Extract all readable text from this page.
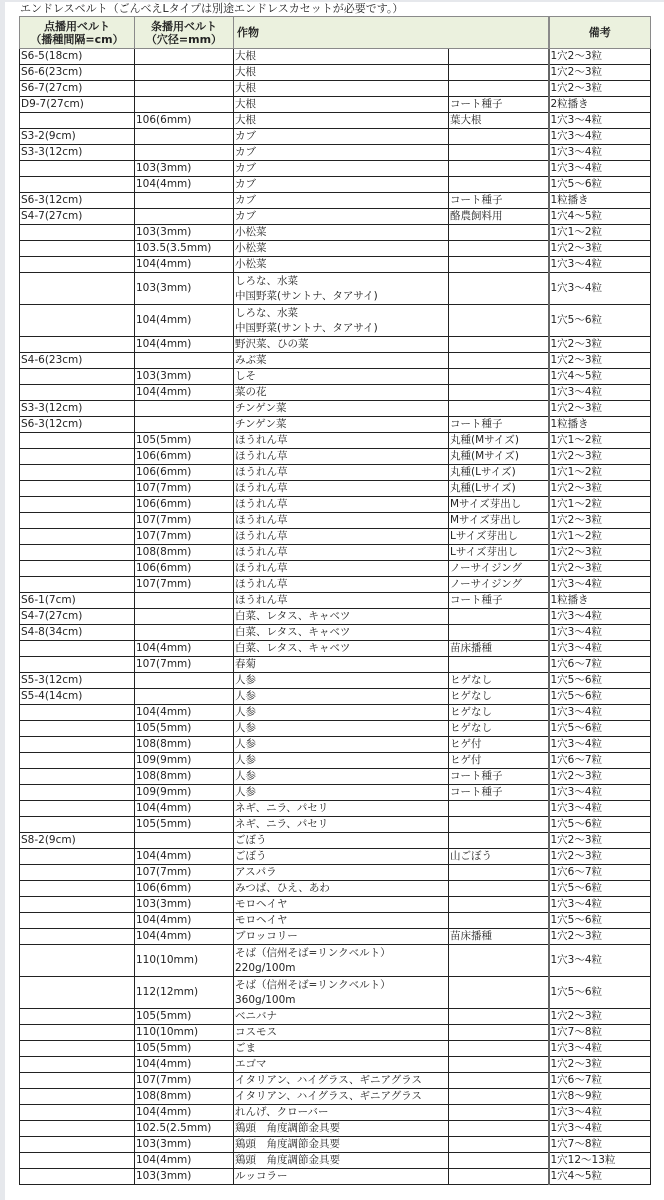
エンドレスベルト（ごんべえLタイプは別途エンドレスカセットが必要です。）
点播用ベルト
（播種間隔=cm）	条播用ベルト
（穴径=mm）	作物		備考
S6-5(18cm)		大根		1穴2～3粒
S6-6(23cm)		大根		1穴2～3粒
S6-7(27cm)		大根		1穴2～3粒
D9-7(27cm)		大根	コート種子	2粒播き
	106(6mm)	大根	葉大根	1穴3～4粒
S3-2(9cm)		カブ		1穴3～4粒
S3-3(12cm)		カブ		1穴3～4粒
	103(3mm)	カブ		1穴3～4粒
	104(4mm)	カブ		1穴5～6粒
S6-3(12cm)		カブ	コート種子	1粒播き
S4-7(27cm)		カブ	酪農飼料用	1穴4～5粒
	103(3mm)	小松菜		1穴1～2粒
	103.5(3.5mm)	小松菜		1穴2～3粒
	104(4mm)	小松菜		1穴3～4粒
	103(3mm)	しろな、水菜
中国野菜(サントナ、タアサイ)		1穴3～4粒
	104(4mm)	しろな、水菜
中国野菜(サントナ、タアサイ)		1穴5～6粒
	104(4mm)	野沢菜、ひの菜		1穴2～3粒
S4-6(23cm)		みぶ菜		1穴2～3粒
	103(3mm)	しそ		1穴4～5粒
	104(4mm)	菜の花		1穴3～4粒
S3-3(12cm)		チンゲン菜		1穴2～3粒
S6-3(12cm)		チンゲン菜	コート種子	1粒播き
	105(5mm)	ほうれん草	丸種(Mサイズ)	1穴1～2粒
	106(6mm)	ほうれん草	丸種(Mサイズ)	1穴2～3粒
	106(6mm)	ほうれん草	丸種(Lサイズ)	1穴1～2粒
	107(7mm)	ほうれん草	丸種(Lサイズ)	1穴2～3粒
	106(6mm)	ほうれん草	Mサイズ芽出し	1穴1～2粒
	107(7mm)	ほうれん草	Mサイズ芽出し	1穴2～3粒
	107(7mm)	ほうれん草	Lサイズ芽出し	1穴1～2粒
	108(8mm)	ほうれん草	Lサイズ芽出し	1穴2～3粒
	106(6mm)	ほうれん草	ノーサイジング	1穴2～3粒
	107(7mm)	ほうれん草	ノーサイジング	1穴3～4粒
S6-1(7cm)		ほうれん草	コート種子	1粒播き
S4-7(27cm)		白菜、レタス、キャベツ		1穴3～4粒
S4-8(34cm)		白菜、レタス、キャベツ		1穴3～4粒
	104(4mm)	白菜、レタス、キャベツ	苗床播種	1穴3～4粒
	107(7mm)	春菊		1穴6～7粒
S5-3(12cm)		人参	ヒゲなし	1穴5～6粒
S5-4(14cm)		人参	ヒゲなし	1穴5～6粒
	104(4mm)	人参	ヒゲなし	1穴3～4粒
	105(5mm)	人参	ヒゲなし	1穴5～6粒
	108(8mm)	人参	ヒゲ付	1穴3～4粒
	109(9mm)	人参	ヒゲ付	1穴6～7粒
	108(8mm)	人参	コート種子	1穴2～3粒
	109(9mm)	人参	コート種子	1穴3～4粒
	104(4mm)	ネギ、ニラ、パセリ		1穴3～4粒
	105(5mm)	ネギ、ニラ、パセリ		1穴5～6粒
S8-2(9cm)		ごぼう		1穴2～3粒
	104(4mm)	ごぼう	山ごぼう	1穴2～3粒
	107(7mm)	アスパラ		1穴6～7粒
	106(6mm)	みつば、ひえ、あわ		1穴5～6粒
	103(3mm)	モロヘイヤ		1穴3～4粒
	104(4mm)	モロヘイヤ		1穴5～6粒
	104(4mm)	ブロッコリー	苗床播種	1穴2～3粒
	110(10mm)	そば（信州そば=リンクベルト）
220g/100m		1穴3～4粒
	112(12mm)	そば（信州そば=リンクベルト）
360g/100m		1穴5～6粒
	105(5mm)	ベニバナ		1穴2～3粒
	110(10mm)	コスモス		1穴7～8粒
	105(5mm)	ごま		1穴3～4粒
	104(4mm)	エゴマ		1穴2～3粒
	107(7mm)	イタリアン、ハイグラス、ギニアグラス		1穴6～7粒
	108(8mm)	イタリアン、ハイグラス、ギニアグラス		1穴8～9粒
	104(4mm)	れんげ、クローバー		1穴3～4粒
	102.5(2.5mm)	鶏頭　角度調節金具要		1穴3～4粒
	103(3mm)	鶏頭　角度調節金具要		1穴7～8粒
	104(4mm)	鶏頭　角度調節金具要		1穴12～13粒
	103(3mm)	ルッコラー		1穴4～5粒
